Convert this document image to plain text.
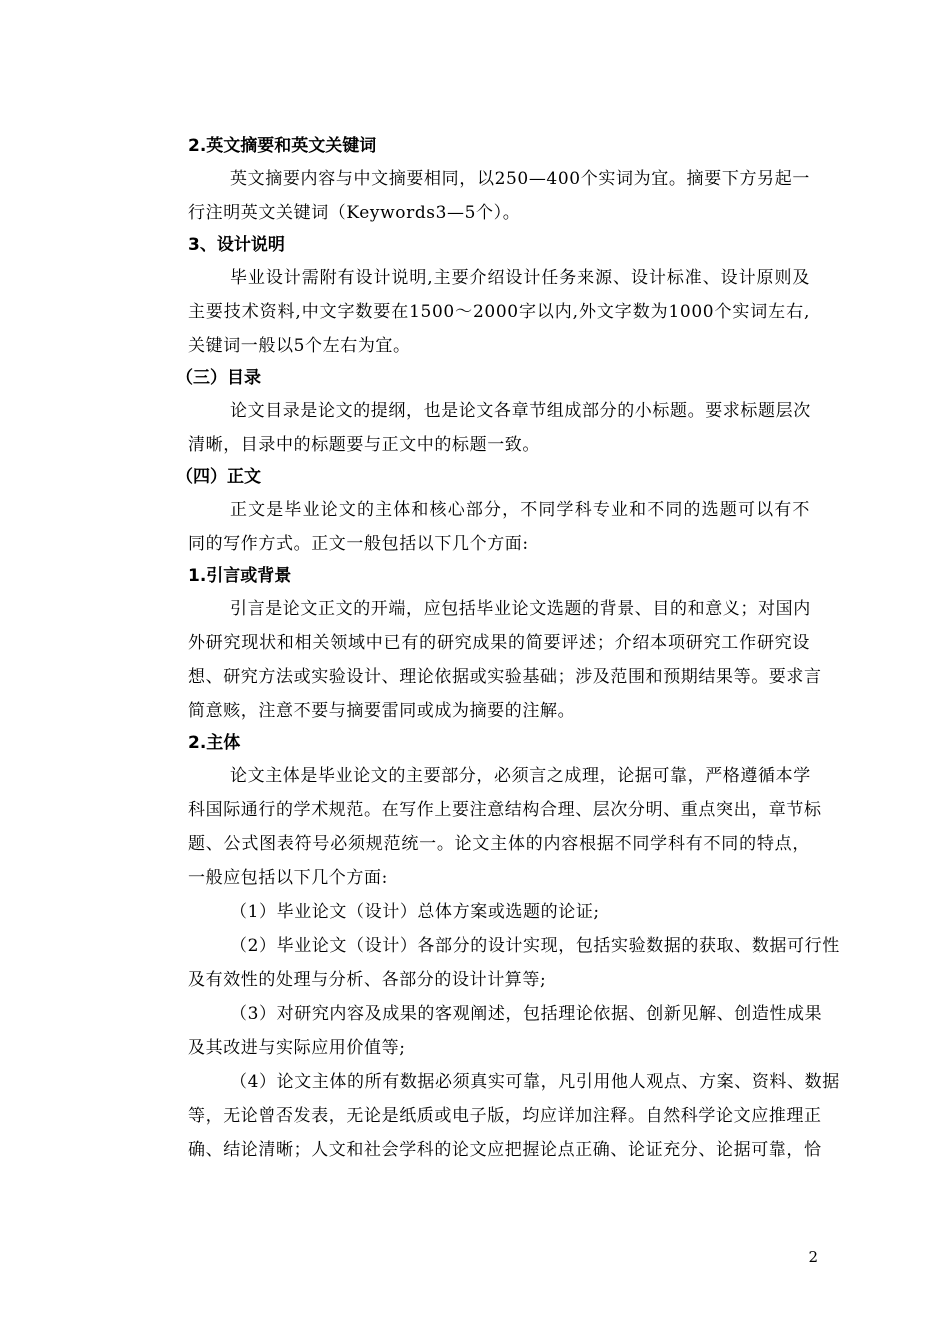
2.英文摘要和英文关键词
英文摘要内容与中文摘要相同，以250—400个实词为宜。摘要下方另起一
行注明英文关键词（Keywords3—5个）。
3、设计说明
毕业设计需附有设计说明,主要介绍设计任务来源、设计标准、设计原则及
主要技术资料,中文字数要在1500～2000字以内,外文字数为1000个实词左右,
关键词一般以5个左右为宜。
（三）目录
论文目录是论文的提纲，也是论文各章节组成部分的小标题。要求标题层次
清晰，目录中的标题要与正文中的标题一致。
（四）正文
正文是毕业论文的主体和核心部分，不同学科专业和不同的选题可以有不
同的写作方式。正文一般包括以下几个方面:
1.引言或背景
引言是论文正文的开端，应包括毕业论文选题的背景、目的和意义；对国内
外研究现状和相关领域中已有的研究成果的简要评述；介绍本项研究工作研究设
想、研究方法或实验设计、理论依据或实验基础；涉及范围和预期结果等。要求言
简意赅，注意不要与摘要雷同或成为摘要的注解。
2.主体
论文主体是毕业论文的主要部分，必须言之成理，论据可靠，严格遵循本学
科国际通行的学术规范。在写作上要注意结构合理、层次分明、重点突出，章节标
题、公式图表符号必须规范统一。论文主体的内容根据不同学科有不同的特点，
一般应包括以下几个方面:
（1）毕业论文（设计）总体方案或选题的论证;
（2）毕业论文（设计）各部分的设计实现，包括实验数据的获取、数据可行性
及有效性的处理与分析、各部分的设计计算等;
（3）对研究内容及成果的客观阐述，包括理论依据、创新见解、创造性成果
及其改进与实际应用价值等;
（4）论文主体的所有数据必须真实可靠，凡引用他人观点、方案、资料、数据
等，无论曾否发表，无论是纸质或电子版，均应详加注释。自然科学论文应推理正
确、结论清晰；人文和社会学科的论文应把握论点正确、论证充分、论据可靠，恰
2
